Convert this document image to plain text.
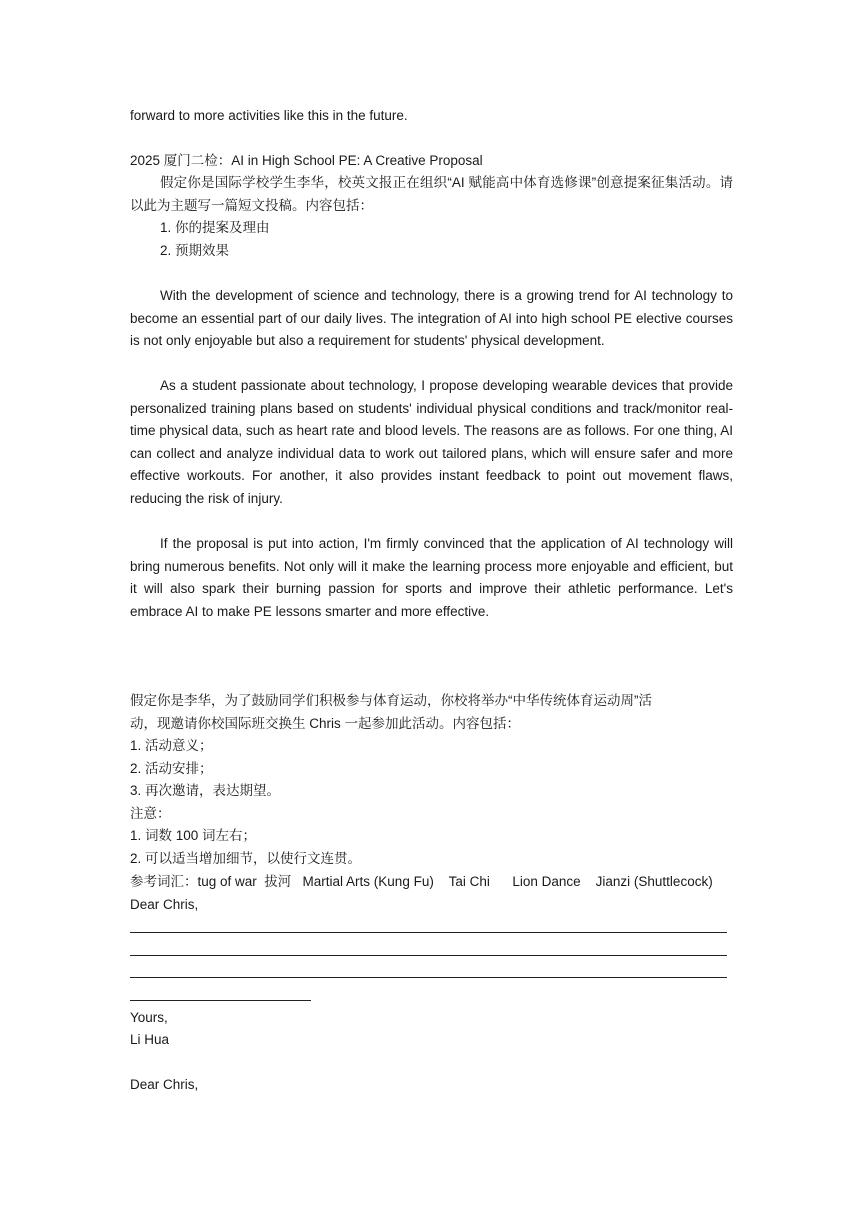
forward to more activities like this in the future.
2025 厦门二检：AI in High School PE: A Creative Proposal
假定你是国际学校学生李华，校英文报正在组织“AI 赋能高中体育选修课”创意提案征集活动。请以此为主题写一篇短文投稿。内容包括：
1. 你的提案及理由
2. 预期效果
With the development of science and technology, there is a growing trend for AI technology to become an essential part of our daily lives. The integration of AI into high school PE elective courses is not only enjoyable but also a requirement for students' physical development.
As a student passionate about technology, I propose developing wearable devices that provide personalized training plans based on students' individual physical conditions and track/monitor real-time physical data, such as heart rate and blood levels. The reasons are as follows. For one thing, AI can collect and analyze individual data to work out tailored plans, which will ensure safer and more effective workouts. For another, it also provides instant feedback to point out movement flaws, reducing the risk of injury.
If the proposal is put into action, I'm firmly convinced that the application of AI technology will bring numerous benefits. Not only will it make the learning process more enjoyable and efficient, but it will also spark their burning passion for sports and improve their athletic performance. Let's embrace AI to make PE lessons smarter and more effective.
假定你是李华，为了鼓励同学们积极参与体育运动，你校将举办“中华传统体育运动周”活
动，现邀请你校国际班交换生 Chris 一起参加此活动。内容包括：
1. 活动意义；
2. 活动安排；
3. 再次邀请，表达期望。
注意：
1. 词数 100 词左右；
2. 可以适当增加细节，以使行文连贯。
参考词汇：tug of war  拔河   Martial Arts (Kung Fu)    Tai Chi      Lion Dance    Jianzi (Shuttlecock)
Dear Chris,
Yours,
Li Hua
Dear Chris,
